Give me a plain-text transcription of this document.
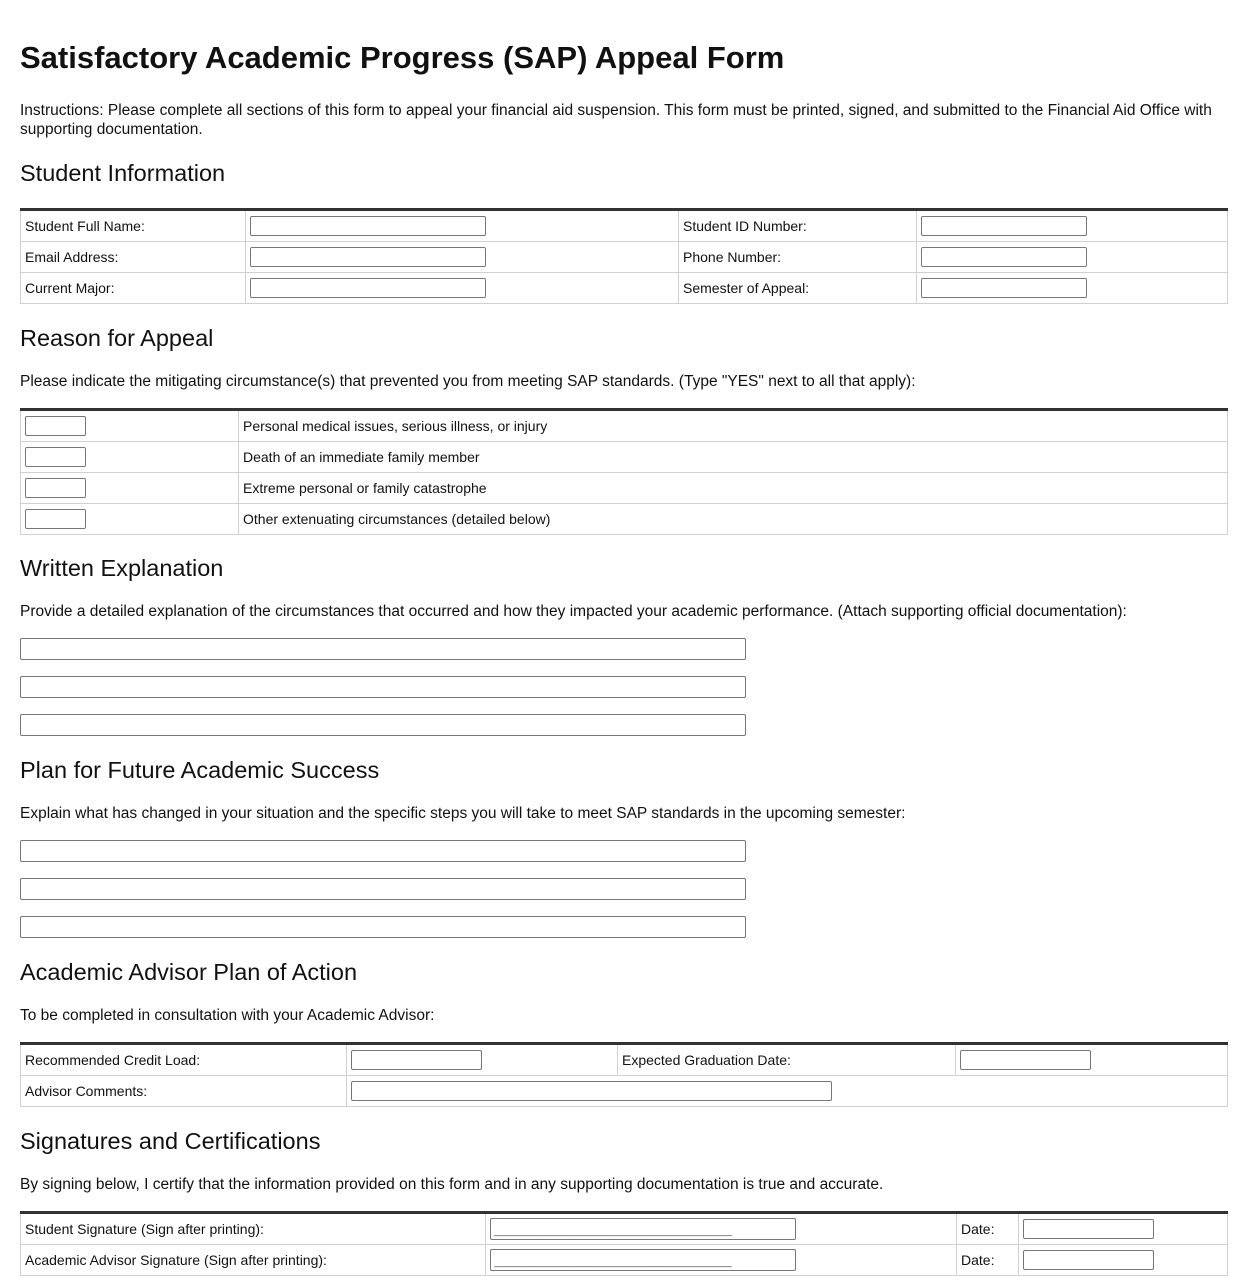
Satisfactory Academic Progress (SAP) Appeal Form
Instructions: Please complete all sections of this form to appeal your financial aid suspension. This form must be printed, signed, and submitted to the Financial Aid Office with supporting documentation.
Student Information
Student Full Name:		Student ID Number:	

Email Address:		Phone Number:	

Current Major:		Semester of Appeal:	
Reason for Appeal
Please indicate the mitigating circumstance(s) that prevented you from meeting SAP standards. (Type "YES" next to all that apply):
	Personal medical issues, serious illness, or injury

	Death of an immediate family member

	Extreme personal or family catastrophe

	Other extenuating circumstances (detailed below)
Written Explanation
Provide a detailed explanation of the circumstances that occurred and how they impacted your academic performance. (Attach supporting official documentation):
Plan for Future Academic Success
Explain what has changed in your situation and the specific steps you will take to meet SAP standards in the upcoming semester:
Academic Advisor Plan of Action
To be completed in consultation with your Academic Advisor:
Recommended Credit Load:		Expected Graduation Date:	

Advisor Comments:	
Signatures and Certifications
By signing below, I certify that the information provided on this form and in any supporting documentation is true and accurate.
Student Signature (Sign after printing):	_________________________________	Date:	

Academic Advisor Signature (Sign after printing):	_________________________________	Date:	
